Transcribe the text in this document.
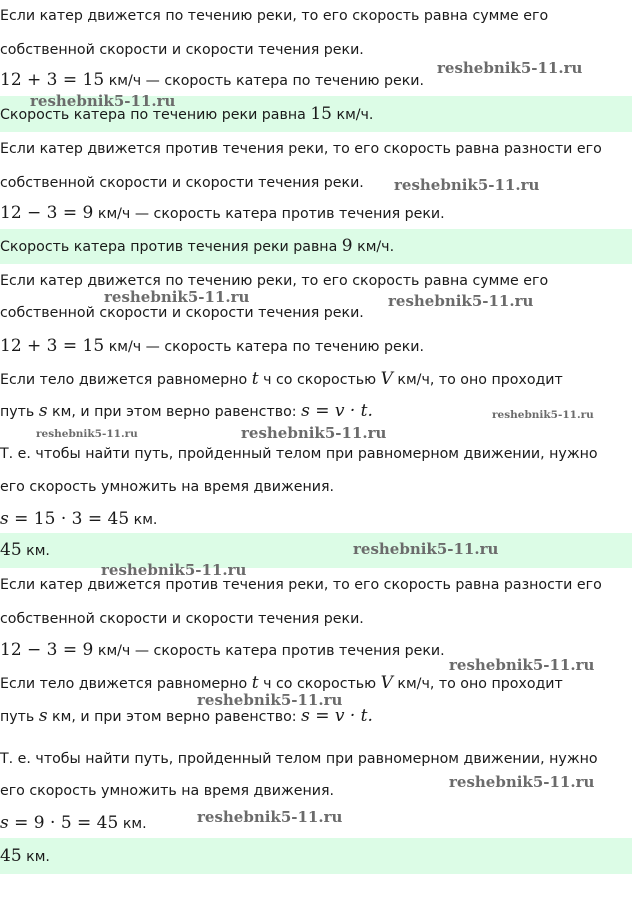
Если катер движется по течению реки, то его скорость равна сумме его
собственной скорости и скорости течения реки.
12 + 3 = 15 км/ч — скорость катера по течению реки.
Скорость катера по течению реки равна 15 км/ч.
Если катер движется против течения реки, то его скорость равна разности его
собственной скорости и скорости течения реки.
12 − 3 = 9 км/ч — скорость катера против течения реки.
Скорость катера против течения реки равна 9 км/ч.
Если катер движется по течению реки, то его скорость равна сумме его
собственной скорости и скорости течения реки.
12 + 3 = 15 км/ч — скорость катера по течению реки.
Если тело движется равномерно t ч со скоростью V км/ч, то оно проходит
путь s км, и при этом верно равенство: s = v · t.
Т. е. чтобы найти путь, пройденный телом при равномерном движении, нужно
его скорость умножить на время движения.
s = 15 · 3 = 45 км.
45 км.
Если катер движется против течения реки, то его скорость равна разности его
собственной скорости и скорости течения реки.
12 − 3 = 9 км/ч — скорость катера против течения реки.
Если тело движется равномерно t ч со скоростью V км/ч, то оно проходит
путь s км, и при этом верно равенство: s = v · t.
Т. е. чтобы найти путь, пройденный телом при равномерном движении, нужно
его скорость умножить на время движения.
s = 9 · 5 = 45 км.
45 км.
reshebnik5-11.ru
reshebnik5-11.ru
reshebnik5-11.ru
reshebnik5-11.ru	reshebnik5-11.ru
reshebnik5-11.ru
reshebnik5-11.ru	reshebnik5-11.ru
reshebnik5-11.ru
reshebnik5-11.ru
reshebnik5-11.ru
reshebnik5-11.ru
reshebnik5-11.ru
reshebnik5-11.ru
